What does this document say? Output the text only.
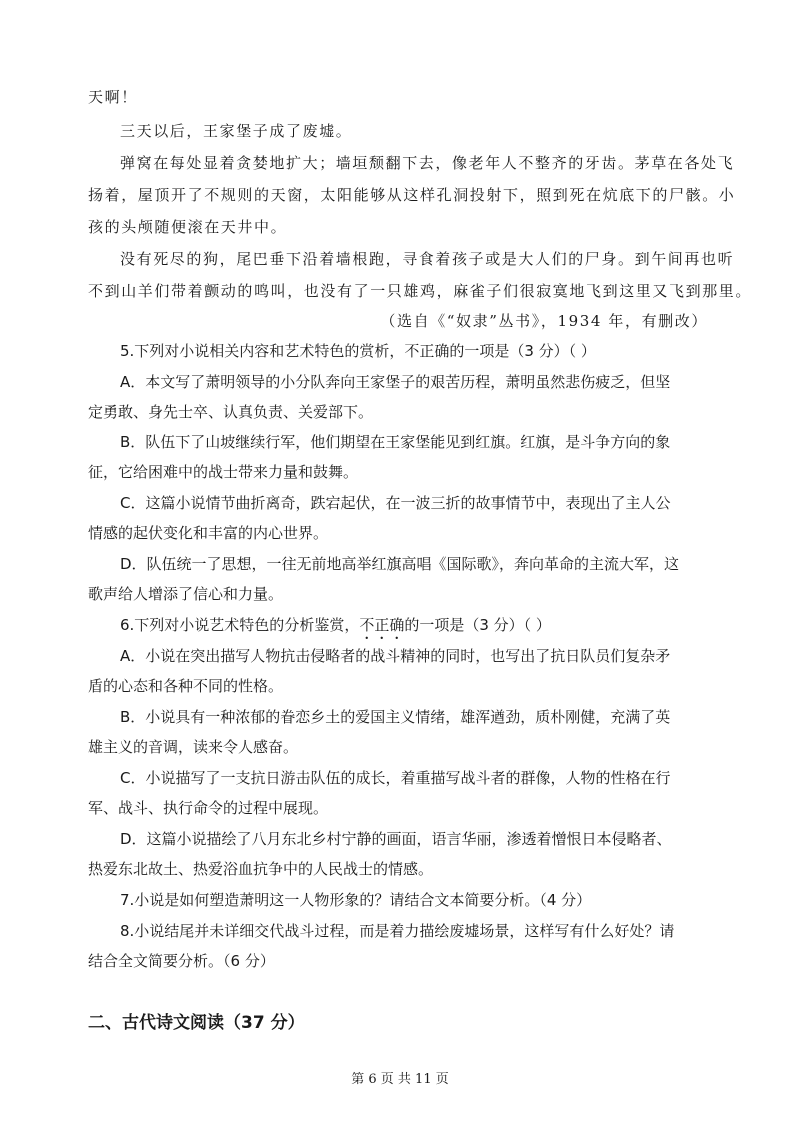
天啊！

三天以后，王家堡子成了废墟。

弹窝在每处显着贪婪地扩大；墙垣颓翻下去，像老年人不整齐的牙齿。茅草在各处飞

扬着，屋顶开了不规则的天窗，太阳能够从这样孔洞投射下，照到死在炕底下的尸骸。小

孩的头颅随便滚在天井中。

没有死尽的狗，尾巴垂下沿着墙根跑，寻食着孩子或是大人们的尸身。到午间再也听

不到山羊们带着颤动的鸣叫，也没有了一只雄鸡，麻雀子们很寂寞地飞到这里又飞到那里。

（选自《“奴隶”丛书》，1934 年，有删改）

5.下列对小说相关内容和艺术特色的赏析，不正确的一项是（3 分）（ ）

A．本文写了萧明领导的小分队奔向王家堡子的艰苦历程，萧明虽然悲伤疲乏，但坚

定勇敢、身先士卒、认真负责、关爱部下。

B．队伍下了山坡继续行军，他们期望在王家堡能见到红旗。红旗，是斗争方向的象

征，它给困难中的战士带来力量和鼓舞。

C．这篇小说情节曲折离奇，跌宕起伏，在一波三折的故事情节中，表现出了主人公

情感的起伏变化和丰富的内心世界。

D．队伍统一了思想，一往无前地高举红旗高唱《国际歌》，奔向革命的主流大军，这

歌声给人增添了信心和力量。

6.下列对小说艺术特色的分析鉴赏，不正确的一项是（3 分）（ ）

A．小说在突出描写人物抗击侵略者的战斗精神的同时，也写出了抗日队员们复杂矛

盾的心态和各种不同的性格。

B．小说具有一种浓郁的眷恋乡土的爱国主义情绪，雄浑遒劲，质朴刚健，充满了英

雄主义的音调，读来令人感奋。

C．小说描写了一支抗日游击队伍的成长，着重描写战斗者的群像，人物的性格在行

军、战斗、执行命令的过程中展现。

D．这篇小说描绘了八月东北乡村宁静的画面，语言华丽，渗透着憎恨日本侵略者、

热爱东北故土、热爱浴血抗争中的人民战士的情感。

7.小说是如何塑造萧明这一人物形象的？请结合文本简要分析。（4 分）

8.小说结尾并未详细交代战斗过程，而是着力描绘废墟场景，这样写有什么好处？请

结合全文简要分析。（6 分）

二、古代诗文阅读（37 分）

第 6 页 共 11 页
